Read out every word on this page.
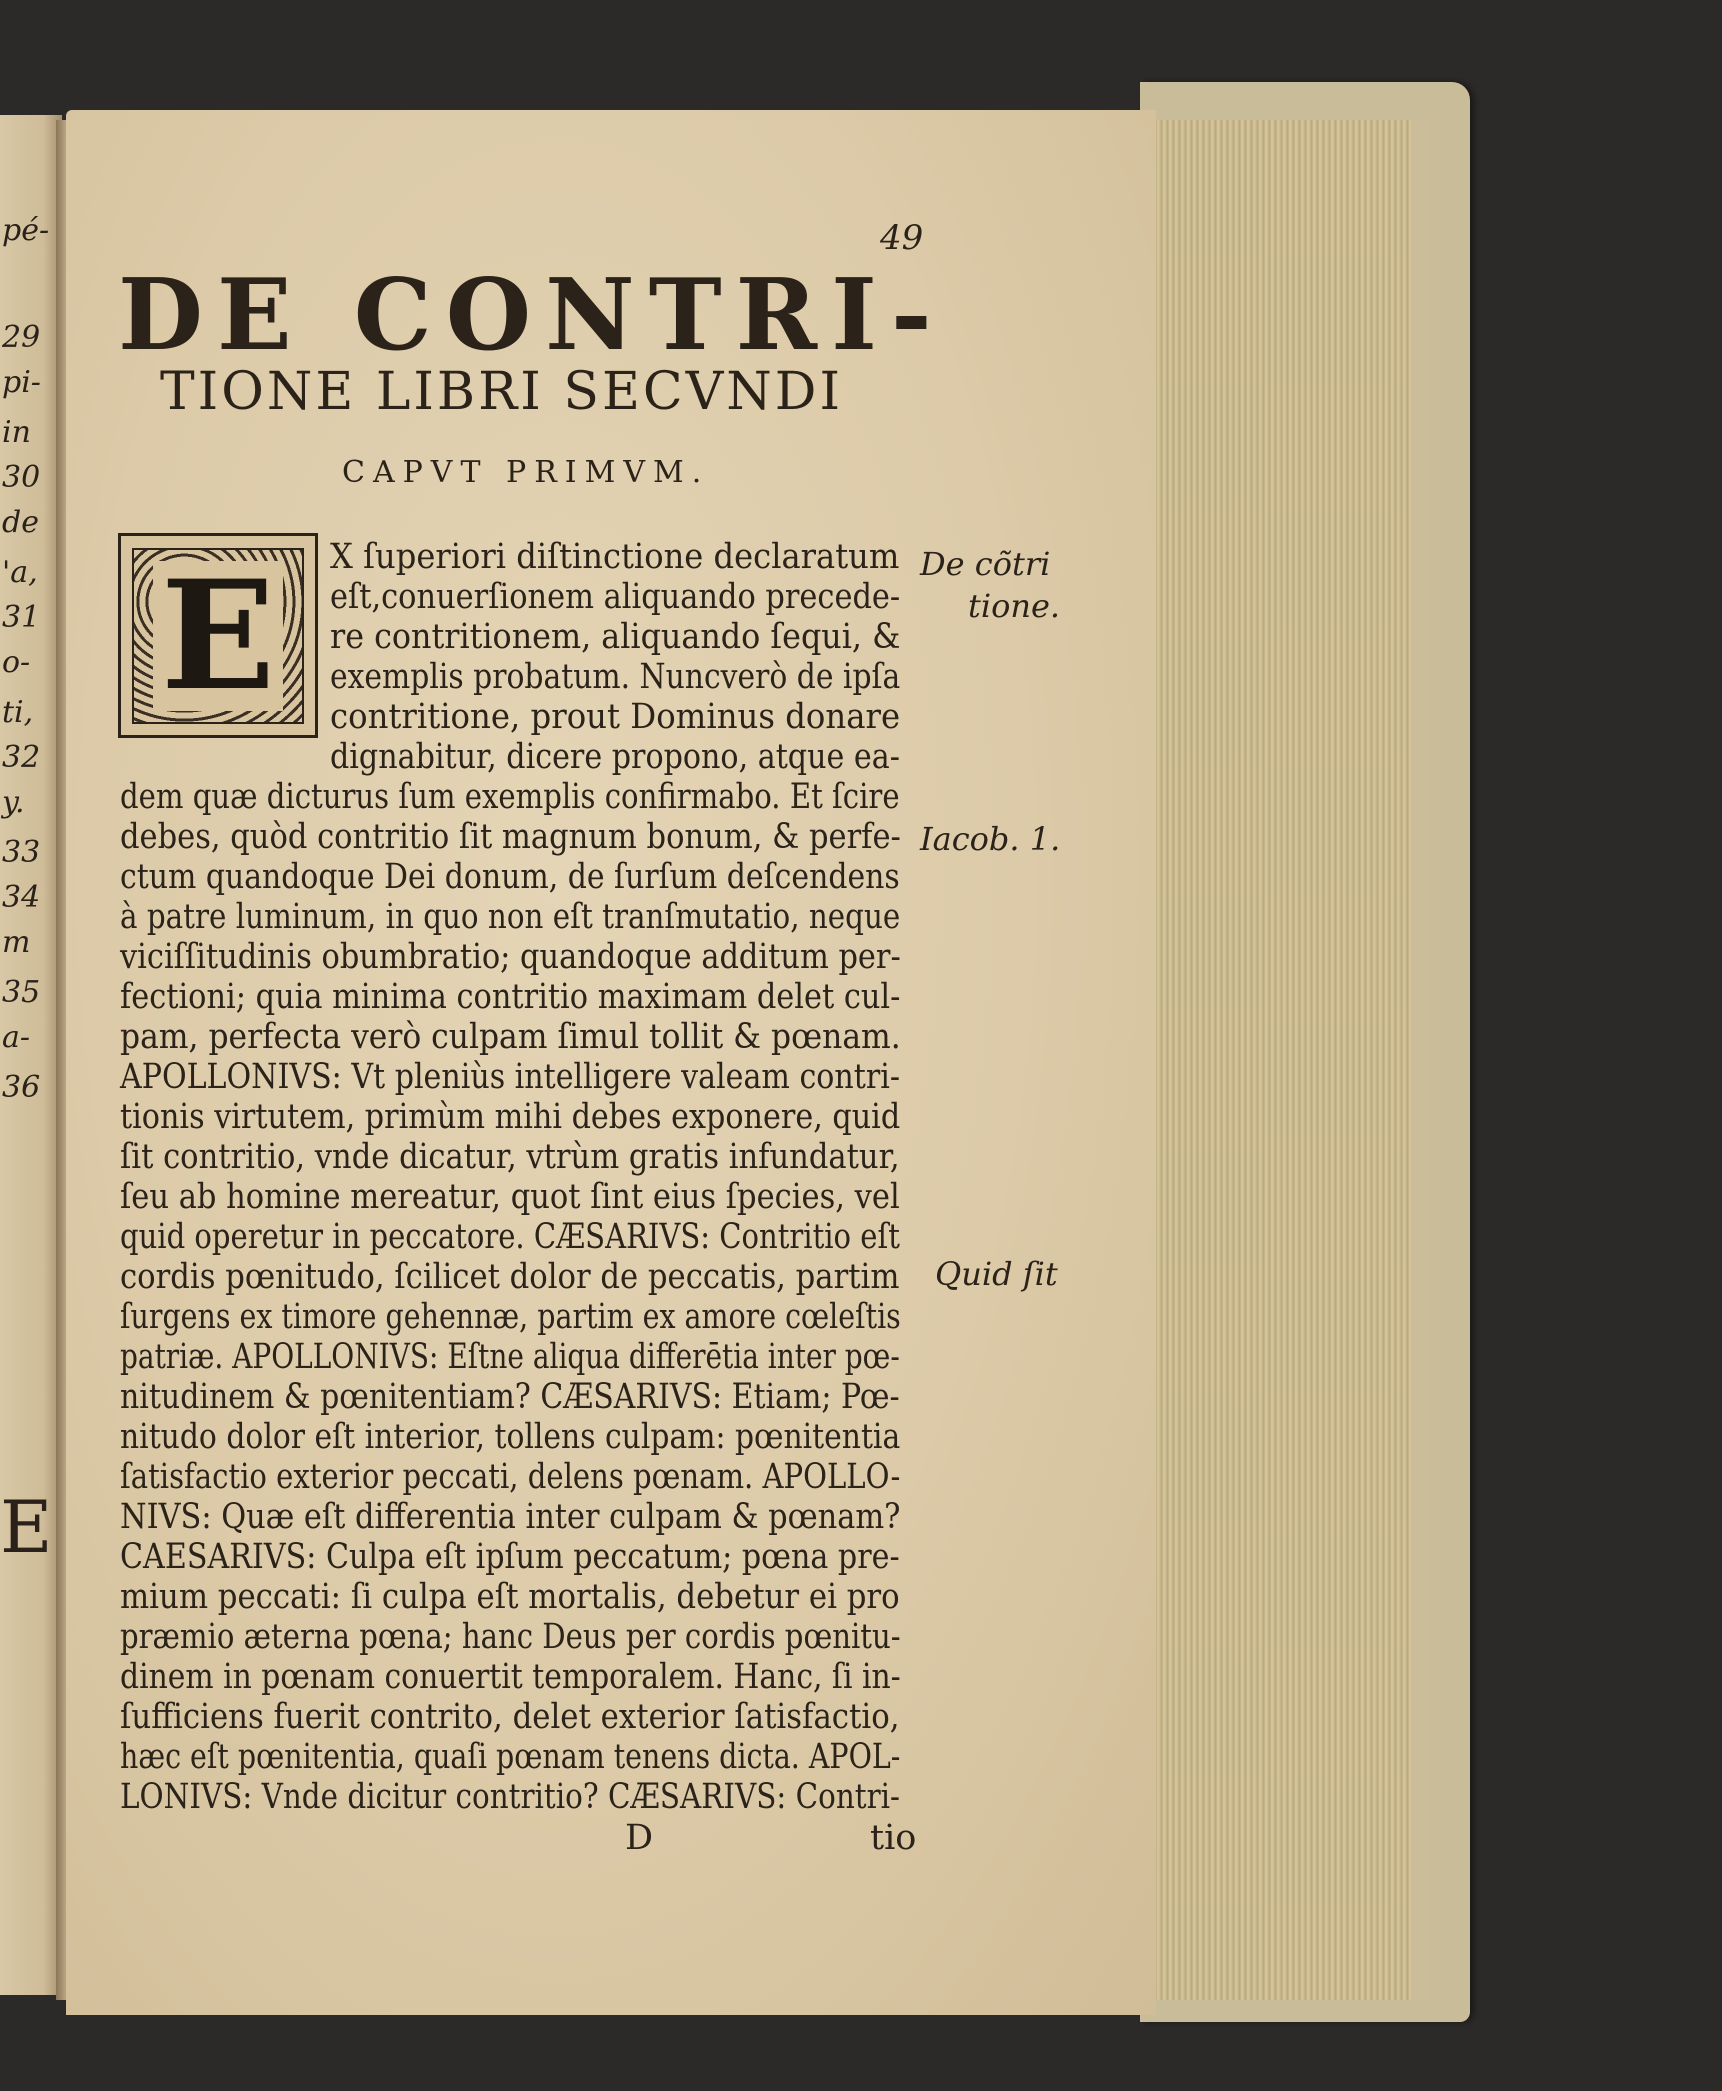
pé-
29
pi-
in
30
de
'a,
31
o-
ti,
32
y.
33
34
m
35
a-
36
E
49
DE CONTRI-
TIONE LIBRI SECVNDI
CAPVT PRIMVM.
E X ſuperiori diſtinctione declaratum
eſt,conuerſionem aliquando precede-
re contritionem, aliquando ſequi, &
exemplis probatum. Nuncverò de ipſa
contritione, prout Dominus donare
dignabitur, dicere propono, atque ea-
dem quæ dicturus ſum exemplis confirmabo. Et ſcire
debes, quòd contritio ſit magnum bonum, & perfe-
ctum quandoque Dei donum, de ſurſum deſcendens
à patre luminum, in quo non eſt tranſmutatio, neque
viciſſitudinis obumbratio; quandoque additum per-
fectioni; quia minima contritio maximam delet cul-
pam, perfecta verò culpam ſimul tollit & pœnam.
APOLLONIVS: Vt pleniùs intelligere valeam contri-
tionis virtutem, primùm mihi debes exponere, quid
ſit contritio, vnde dicatur, vtrùm gratis infundatur,
ſeu ab homine mereatur, quot ſint eius ſpecies, vel
quid operetur in peccatore. CÆSARIVS: Contritio eſt
cordis pœnitudo, ſcilicet dolor de peccatis, partim
ſurgens ex timore gehennæ, partim ex amore cœleſtis
patriæ. APOLLONIVS: Eſtne aliqua differētia inter pœ-
nitudinem & pœnitentiam? CÆSARIVS: Etiam; Pœ-
nitudo dolor eſt interior, tollens culpam: pœnitentia
ſatisfactio exterior peccati, delens pœnam. APOLLO-
NIVS: Quæ eſt differentia inter culpam & pœnam?
CAESARIVS: Culpa eſt ipſum peccatum; pœna pre-
mium peccati: ſi culpa eſt mortalis, debetur ei pro
præmio æterna pœna; hanc Deus per cordis pœnitu-
dinem in pœnam conuertit temporalem. Hanc, ſi in-
ſufficiens fuerit contrito, delet exterior ſatisfactio,
hæc eſt pœnitentia, quaſi pœnam tenens dicta. APOL-
LONIVS: Vnde dicitur contritio? CÆSARIVS: Contri-
D	tio
De cõtri
tione.
Iacob. 1.
Quid ſit
